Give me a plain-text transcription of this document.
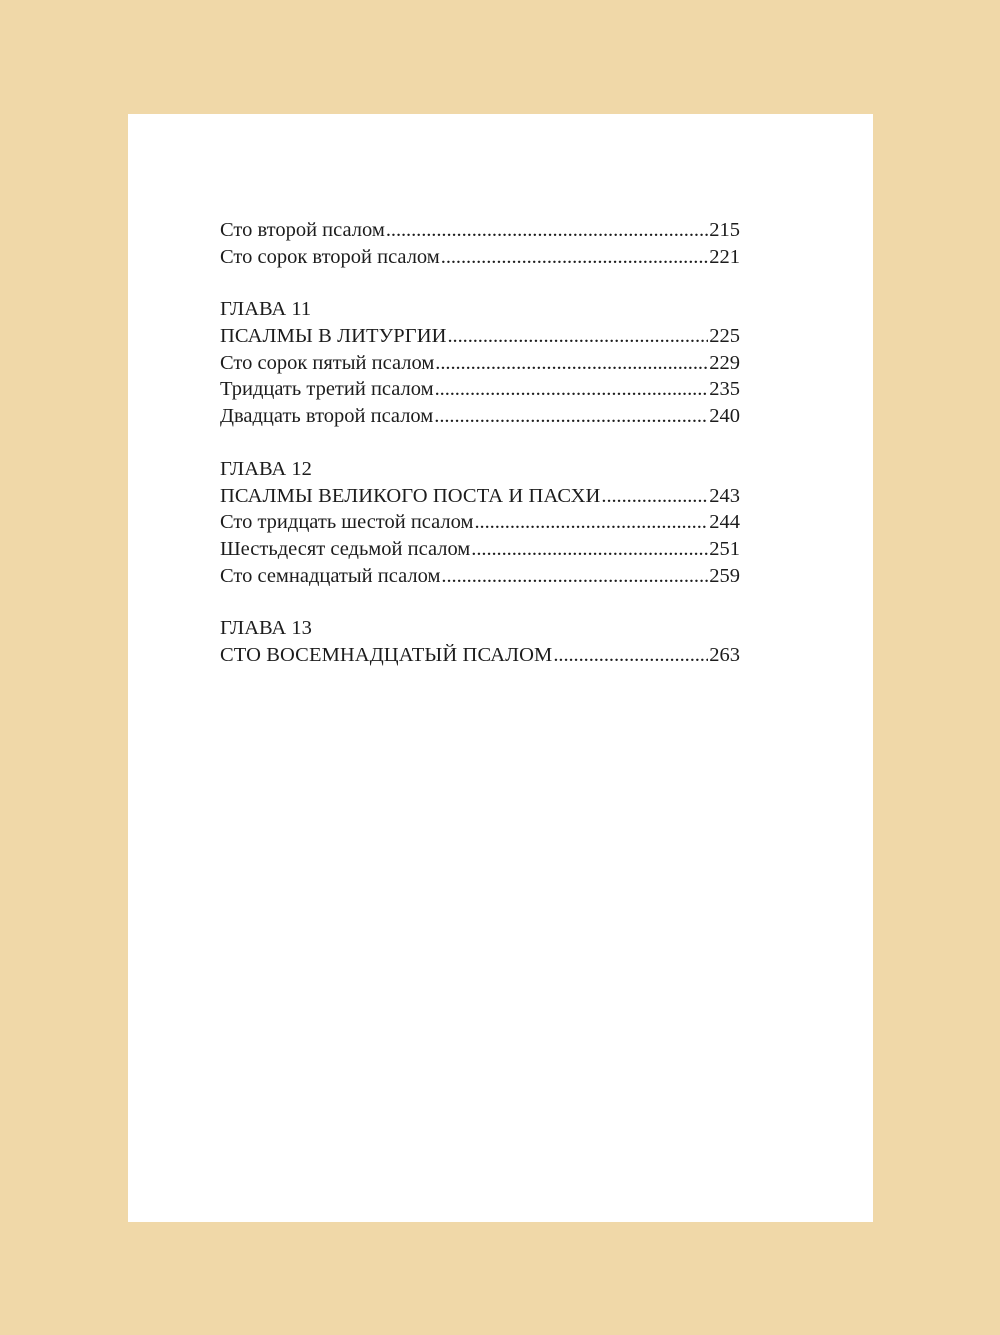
Сто второй псалом . . .	215
Сто сорок второй псалом . . .	221
ГЛАВА 11
ПСАЛМЫ В ЛИТУРГИИ . . .	225
Сто сорок пятый псалом . . .	229
Тридцать третий псалом . . .	235
Двадцать второй псалом . . .	240
ГЛАВА 12
ПСАЛМЫ ВЕЛИКОГО ПОСТА И ПАСХИ . . .	243
Сто тридцать шестой псалом . . .	244
Шестьдесят седьмой псалом . . .	251
Сто семнадцатый псалом . . .	259
ГЛАВА 13
СТО ВОСЕМНАДЦАТЫЙ ПСАЛОМ . . .	263
